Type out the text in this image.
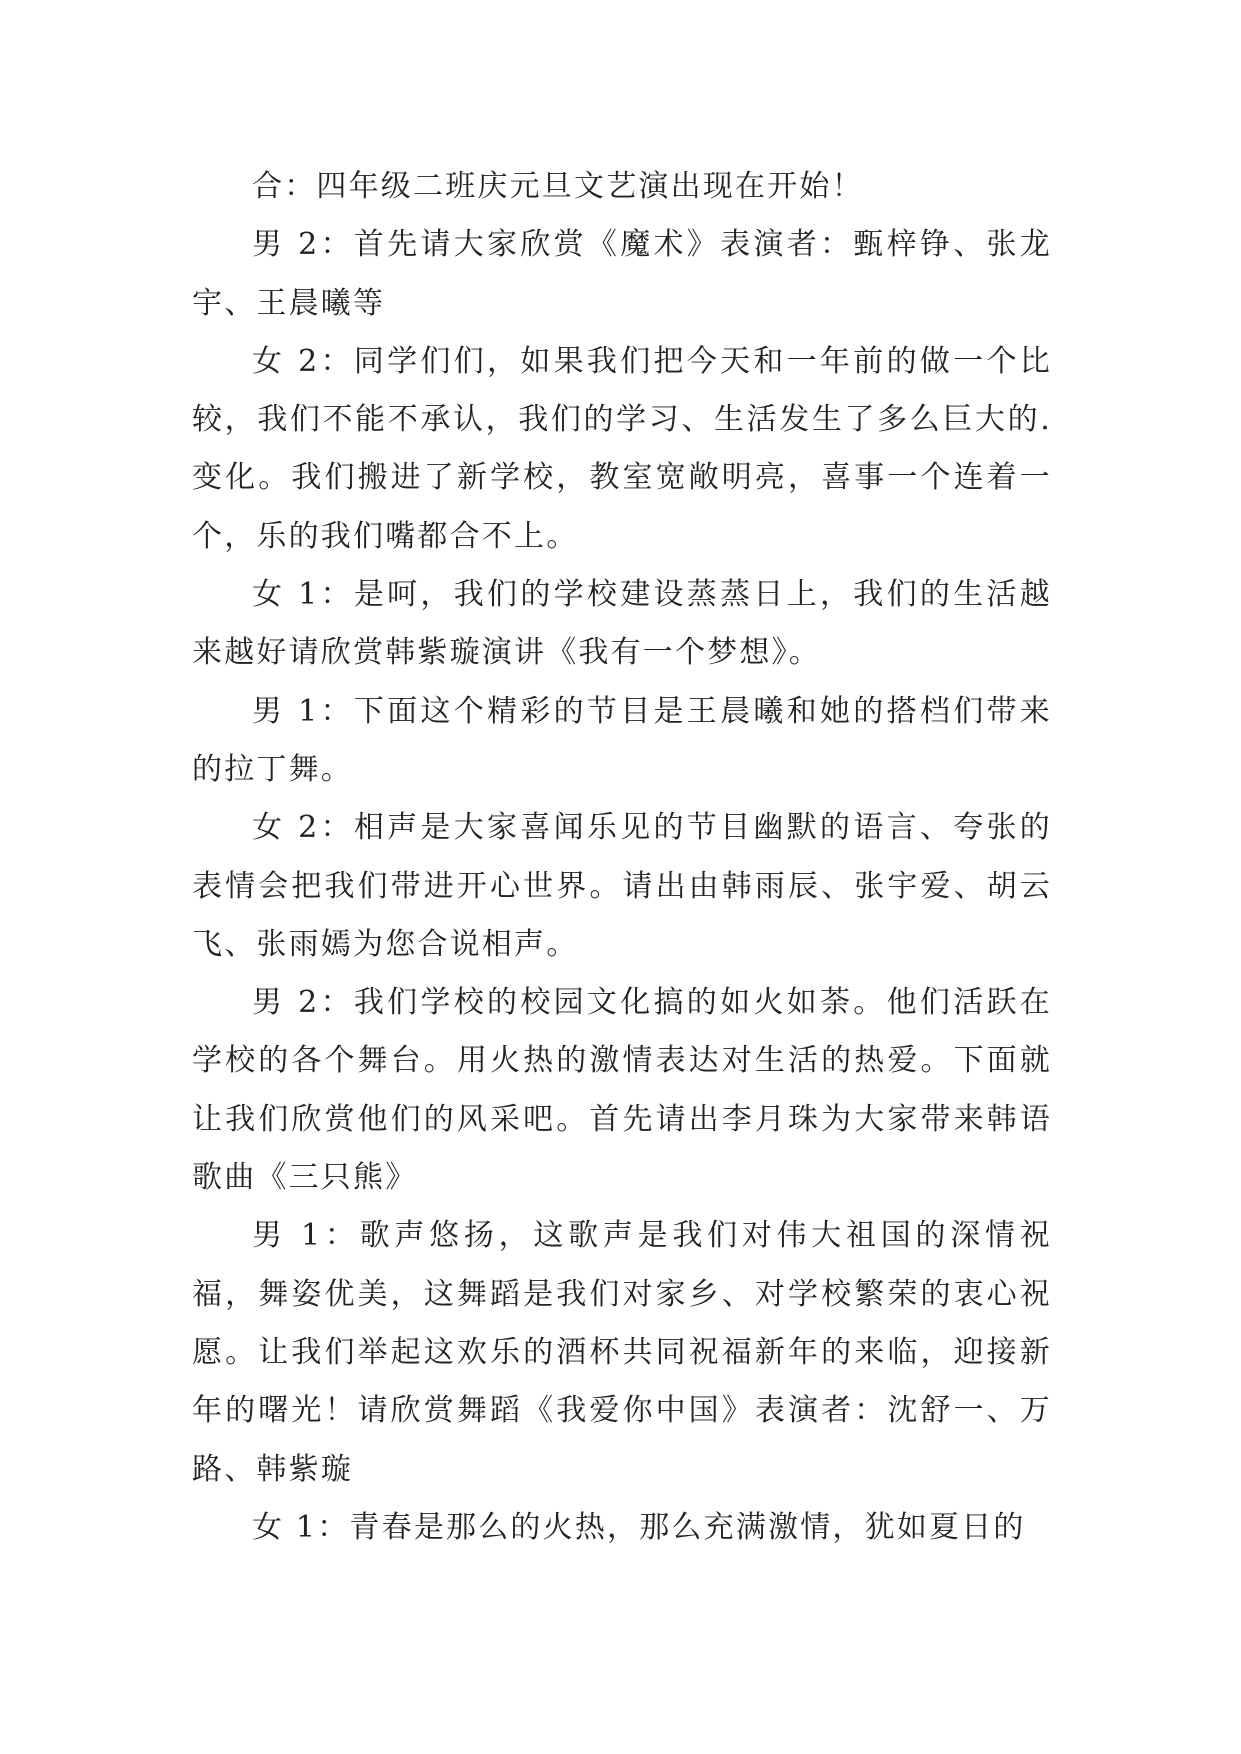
合：四年级二班庆元旦文艺演出现在开始！

男 2：首先请大家欣赏《魔术》表演者：甄梓铮、张龙宇、王晨曦等

女 2：同学们们，如果我们把今天和一年前的做一个比较，我们不能不承认，我们的学习、生活发生了多么巨大的.变化。我们搬进了新学校，教室宽敞明亮，喜事一个连着一个，乐的我们嘴都合不上。

女 1：是呵，我们的学校建设蒸蒸日上，我们的生活越来越好请欣赏韩紫璇演讲《我有一个梦想》。

男 1：下面这个精彩的节目是王晨曦和她的搭档们带来的拉丁舞。

女 2：相声是大家喜闻乐见的节目幽默的语言、夸张的表情会把我们带进开心世界。请出由韩雨辰、张宇爱、胡云飞、张雨嫣为您合说相声。

男 2：我们学校的校园文化搞的如火如荼。他们活跃在学校的各个舞台。用火热的激情表达对生活的热爱。下面就让我们欣赏他们的风采吧。首先请出李月珠为大家带来韩语歌曲《三只熊》

男 1：歌声悠扬，这歌声是我们对伟大祖国的深情祝福，舞姿优美，这舞蹈是我们对家乡、对学校繁荣的衷心祝愿。让我们举起这欢乐的酒杯共同祝福新年的来临，迎接新年的曙光！请欣赏舞蹈《我爱你中国》表演者：沈舒一、万路、韩紫璇

女 1：青春是那么的火热，那么充满激情，犹如夏日的
